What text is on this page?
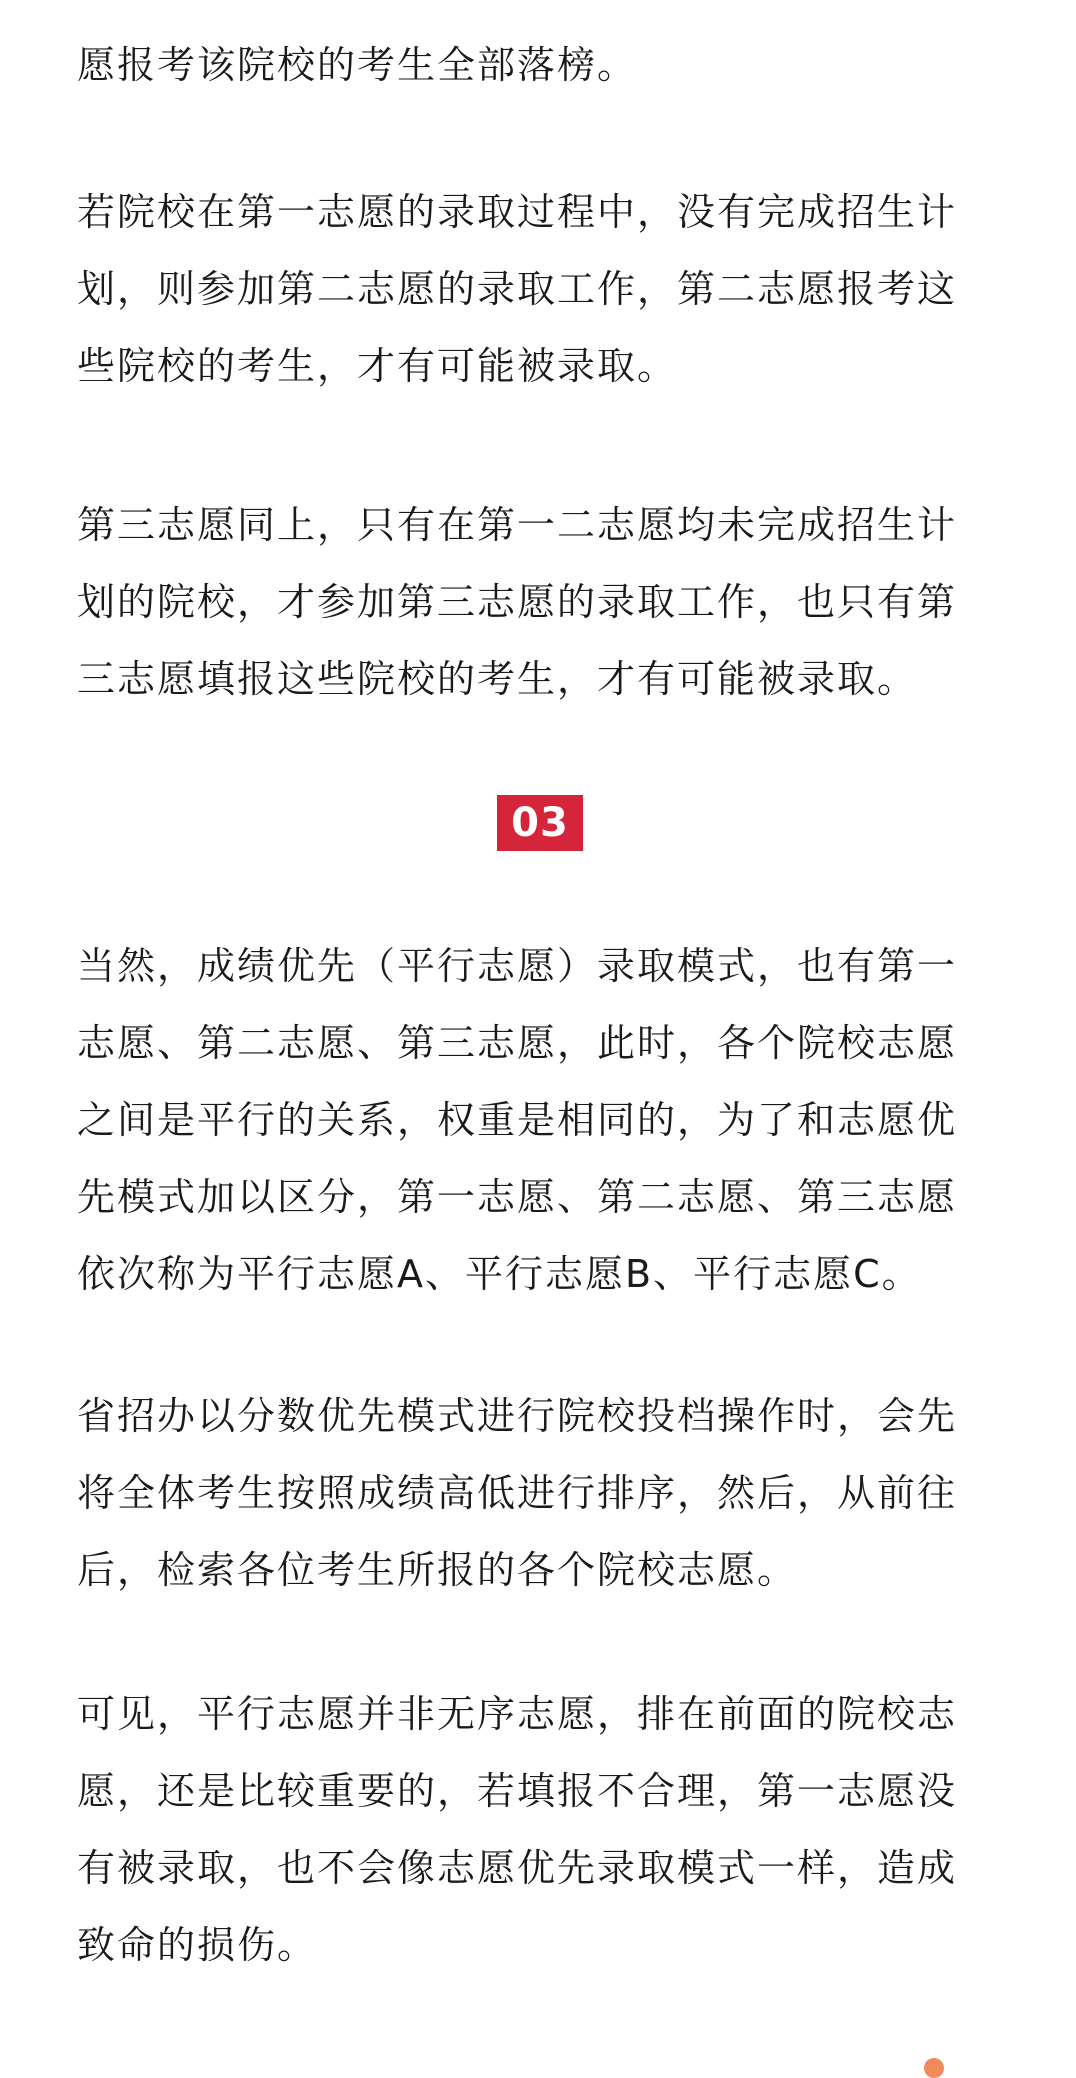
愿报考该院校的考生全部落榜。

若院校在第一志愿的录取过程中，没有完成招生计
划，则参加第二志愿的录取工作，第二志愿报考这
些院校的考生，才有可能被录取。

第三志愿同上，只有在第一二志愿均未完成招生计
划的院校，才参加第三志愿的录取工作，也只有第
三志愿填报这些院校的考生，才有可能被录取。

03

当然，成绩优先（平行志愿）录取模式，也有第一
志愿、第二志愿、第三志愿，此时，各个院校志愿
之间是平行的关系，权重是相同的，为了和志愿优
先模式加以区分，第一志愿、第二志愿、第三志愿
依次称为平行志愿A、平行志愿B、平行志愿C。

省招办以分数优先模式进行院校投档操作时，会先
将全体考生按照成绩高低进行排序，然后，从前往
后，检索各位考生所报的各个院校志愿。

可见，平行志愿并非无序志愿，排在前面的院校志
愿，还是比较重要的，若填报不合理，第一志愿没
有被录取，也不会像志愿优先录取模式一样，造成
致命的损伤。
